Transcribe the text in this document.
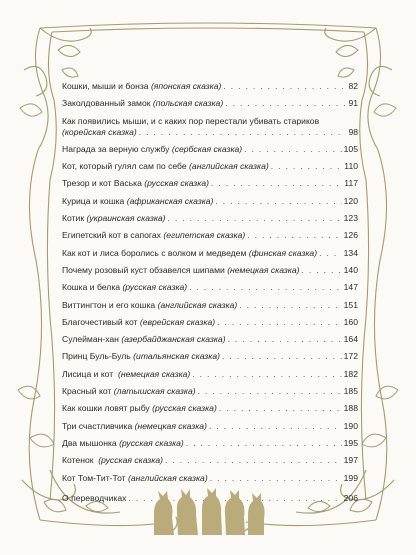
Кошки, мыши и бонза (японская сказка) . . .	82
Заколдованный замок (польская сказка) . . .	91
Как появились мыши, и с каких пор перестали убивать стариков
(корейская сказка) . . .	98
Награда за верную службу (сербская сказка) . . .	105
Кот, который гулял сам по себе (английская сказка) . . .	110
Трезор и кот Васька (русская сказка) . . .	117
Курица и кошка (африканская сказка) . . .	120
Котик (украинская сказка) . . .	123
Египетский кот в сапогах (египетская сказка) . . .	126
Как кот и лиса боролись с волком и медведем (финская сказка) . . .	134
Почему розовый куст обзавелся шипами (немецкая сказка) . . .	140
Кошка и белка (русская сказка) . . .	147
Виттингтон и его кошка (английская сказка) . . .	151
Благочестивый кот (еврейская сказка) . . .	160
Сулейман-хан (азербайджанская сказка) . . .	164
Принц Буль-Буль (итальянская сказка) . . .	172
Лисица и кот (немецкая сказка) . . .	182
Красный кот (латышская сказка) . . .	185
Как кошки ловят рыбу (русская сказка) . . .	188
Три счастливчика (немецкая сказка) . . .	190
Два мышонка (русская сказка) . . .	195
Котенок (русская сказка) . . .	197
Кот Том-Тит-Тот (английская сказка) . . .	199
О переводчиках . . .	206
